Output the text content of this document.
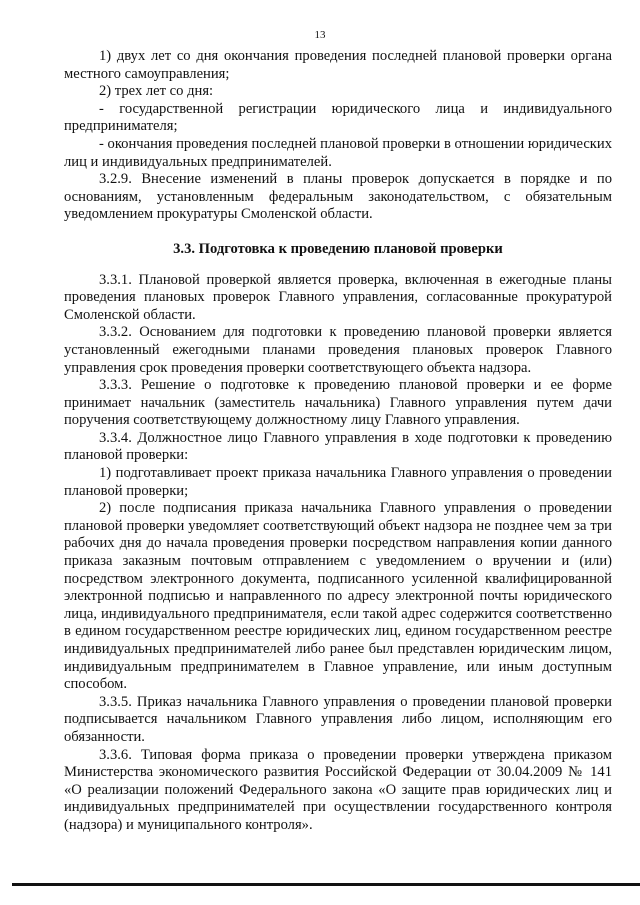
13

1) двух лет со дня окончания проведения последней плановой проверки органа местного самоуправления;

2) трех лет со дня:

- государственной регистрации юридического лица и индивидуального предпринимателя;

- окончания проведения последней плановой проверки в отношении юридических лиц и индивидуальных предпринимателей.

3.2.9. Внесение изменений в планы проверок допускается в порядке и по основаниям, установленным федеральным законодательством, с обязательным уведомлением прокуратуры Смоленской области.

3.3. Подготовка к проведению плановой проверки

3.3.1. Плановой проверкой является проверка, включенная в ежегодные планы проведения плановых проверок Главного управления, согласованные прокуратурой Смоленской области.

3.3.2. Основанием для подготовки к проведению плановой проверки является установленный ежегодными планами проведения плановых проверок Главного управления срок проведения проверки соответствующего объекта надзора.

3.3.3. Решение о подготовке к проведению плановой проверки и ее форме принимает начальник (заместитель начальника) Главного управления путем дачи поручения соответствующему должностному лицу Главного управления.

3.3.4. Должностное лицо Главного управления в ходе подготовки к проведению плановой проверки:

1) подготавливает проект приказа начальника Главного управления о проведении плановой проверки;

2) после подписания приказа начальника Главного управления о проведении плановой проверки уведомляет соответствующий объект надзора не позднее чем за три рабочих дня до начала проведения проверки посредством направления копии данного приказа заказным почтовым отправлением с уведомлением о вручении и (или) посредством электронного документа, подписанного усиленной квалифицированной электронной подписью и направленного по адресу электронной почты юридического лица, индивидуального предпринимателя, если такой адрес содержится соответственно в едином государственном реестре юридических лиц, едином государственном реестре индивидуальных предпринимателей либо ранее был представлен юридическим лицом, индивидуальным предпринимателем в Главное управление, или иным доступным способом.

3.3.5. Приказ начальника Главного управления о проведении плановой проверки подписывается начальником Главного управления либо лицом, исполняющим его обязанности.

3.3.6. Типовая форма приказа о проведении проверки утверждена приказом Министерства экономического развития Российской Федерации от 30.04.2009 № 141 «О реализации положений Федерального закона «О защите прав юридических лиц и индивидуальных предпринимателей при осуществлении государственного контроля (надзора) и муниципального контроля».
